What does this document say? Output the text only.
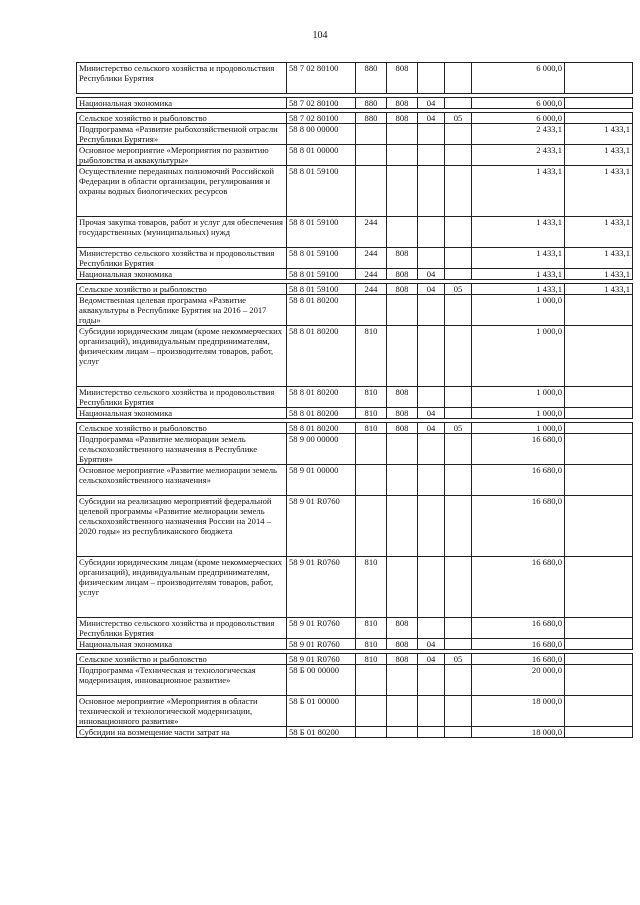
104
Министерство сельского хозяйства и продовольствия Республики Бурятия	58 7 02 80100	880	808			6 000,0	

Национальная экономика	58 7 02 80100	880	808	04		6 000,0	

Сельское хозяйство и рыболовство	58 7 02 80100	880	808	04	05	6 000,0	
Подпрограмма «Развитие рыбохозяйственной отрасли Республики Бурятия»	58 8 00 00000					2 433,1	1 433,1
Основное мероприятие «Мероприятия по развитию рыболовства и аквакультуры»	58 8 01 00000					2 433,1	1 433,1
Осуществление переданных полномочий Российской Федерации в области организации, регулирования и охраны водных биологических ресурсов	58 8 01 59100					1 433,1	1 433,1
Прочая закупка товаров, работ и услуг для обеспечения государственных (муниципальных) нужд	58 8 01 59100	244				1 433,1	1 433,1
Министерство сельского хозяйства и продовольствия Республики Бурятия	58 8 01 59100	244	808			1 433,1	1 433,1
Национальная экономика	58 8 01 59100	244	808	04		1 433,1	1 433,1

Сельское хозяйство и рыболовство	58 8 01 59100	244	808	04	05	1 433,1	1 433,1
Ведомственная целевая программа «Развитие аквакультуры в Республике Бурятия на 2016 – 2017 годы»	58 8 01 80200					1 000,0	
Субсидии юридическим лицам (кроме некоммерческих организаций), индивидуальным предпринимателям, физическим лицам – производителям товаров, работ, услуг	58 8 01 80200	810				1 000,0	
Министерство сельского хозяйства и продовольствия Республики Бурятия	58 8 01 80200	810	808			1 000,0	
Национальная экономика	58 8 01 80200	810	808	04		1 000,0	

Сельское хозяйство и рыболовство	58 8 01 80200	810	808	04	05	1 000,0	
Подпрограмма «Развитие мелиорации земель сельскохозяйственного назначения в Республике Бурятия»	58 9 00 00000					16 680,0	
Основное мероприятие «Развитие мелиорации земель сельскохозяйственного назначения»	58 9 01 00000					16 680,0	
Субсидии на реализацию мероприятий федеральной целевой программы «Развитие мелиорации земель сельскохозяйственного назначения России на 2014 – 2020 годы» из республиканского бюджета	58 9 01 R0760					16 680,0	
Субсидии юридическим лицам (кроме некоммерческих организаций), индивидуальным предпринимателям, физическим лицам – производителям товаров, работ, услуг	58 9 01 R0760	810				16 680,0	
Министерство сельского хозяйства и продовольствия Республики Бурятия	58 9 01 R0760	810	808			16 680,0	
Национальная экономика	58 9 01 R0760	810	808	04		16 680,0	

Сельское хозяйство и рыболовство	58 9 01 R0760	810	808	04	05	16 680,0	
Подпрограмма «Техническая и технологическая модернизация, инновационное развитие»	58 Б 00 00000					20 000,0	
Основное мероприятие «Мероприятия в области технической и технологической модернизации, инновационного развития»	58 Б 01 00000					18 000,0	
Субсидии на возмещение части затрат на	58 Б 01 80200					18 000,0	
